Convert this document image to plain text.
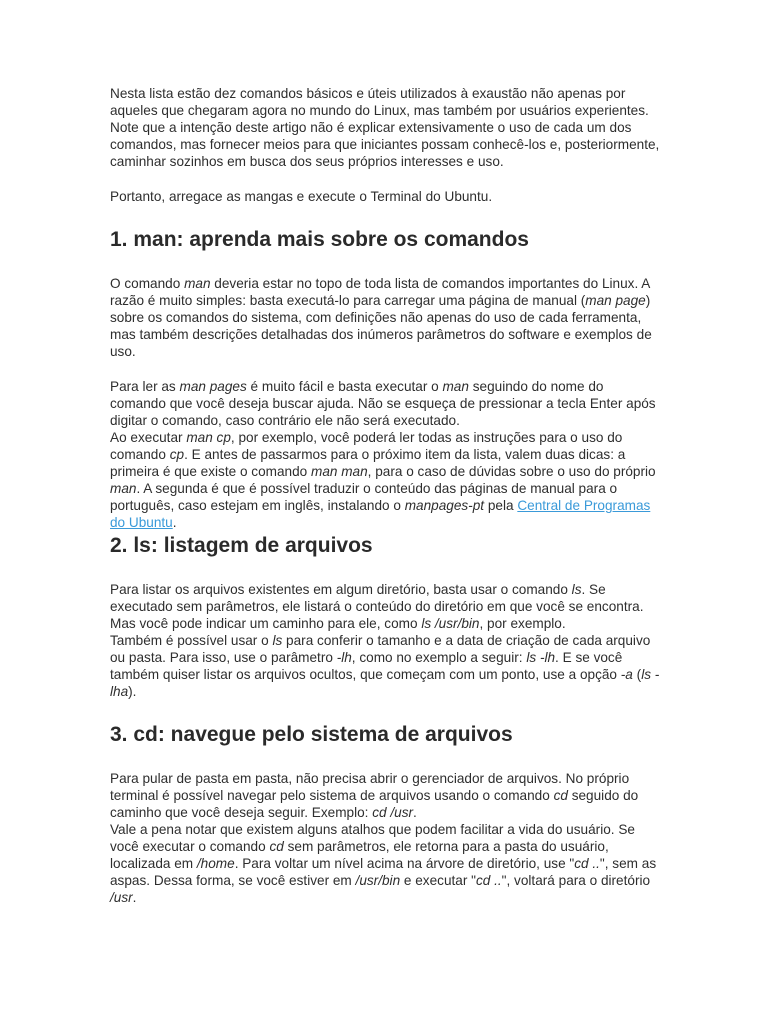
Nesta lista estão dez comandos básicos e úteis utilizados à exaustão não apenas por aqueles que chegaram agora no mundo do Linux, mas também por usuários experientes. Note que a intenção deste artigo não é explicar extensivamente o uso de cada um dos comandos, mas fornecer meios para que iniciantes possam conhecê-los e, posteriormente, caminhar sozinhos em busca dos seus próprios interesses e uso.

Portanto, arregace as mangas e execute o Terminal do Ubuntu.

1. man: aprenda mais sobre os comandos

O comando man deveria estar no topo de toda lista de comandos importantes do Linux. A razão é muito simples: basta executá-lo para carregar uma página de manual (man page) sobre os comandos do sistema, com definições não apenas do uso de cada ferramenta, mas também descrições detalhadas dos inúmeros parâmetros do software e exemplos de uso.

Para ler as man pages é muito fácil e basta executar o man seguindo do nome do comando que você deseja buscar ajuda. Não se esqueça de pressionar a tecla Enter após digitar o comando, caso contrário ele não será executado.

Ao executar man cp, por exemplo, você poderá ler todas as instruções para o uso do comando cp. E antes de passarmos para o próximo item da lista, valem duas dicas: a primeira é que existe o comando man man, para o caso de dúvidas sobre o uso do próprio man. A segunda é que é possível traduzir o conteúdo das páginas de manual para o português, caso estejam em inglês, instalando o manpages-pt pela Central de Programas do Ubuntu.

2. ls: listagem de arquivos

Para listar os arquivos existentes em algum diretório, basta usar o comando ls. Se executado sem parâmetros, ele listará o conteúdo do diretório em que você se encontra. Mas você pode indicar um caminho para ele, como ls /usr/bin, por exemplo.

Também é possível usar o ls para conferir o tamanho e a data de criação de cada arquivo ou pasta. Para isso, use o parâmetro -lh, como no exemplo a seguir: ls -lh. E se você também quiser listar os arquivos ocultos, que começam com um ponto, use a opção -a (ls -lha).

3. cd: navegue pelo sistema de arquivos

Para pular de pasta em pasta, não precisa abrir o gerenciador de arquivos. No próprio terminal é possível navegar pelo sistema de arquivos usando o comando cd seguido do caminho que você deseja seguir. Exemplo: cd /usr.

Vale a pena notar que existem alguns atalhos que podem facilitar a vida do usuário. Se você executar o comando cd sem parâmetros, ele retorna para a pasta do usuário, localizada em /home. Para voltar um nível acima na árvore de diretório, use "cd ..", sem as aspas. Dessa forma, se você estiver em /usr/bin e executar "cd ..", voltará para o diretório /usr.
